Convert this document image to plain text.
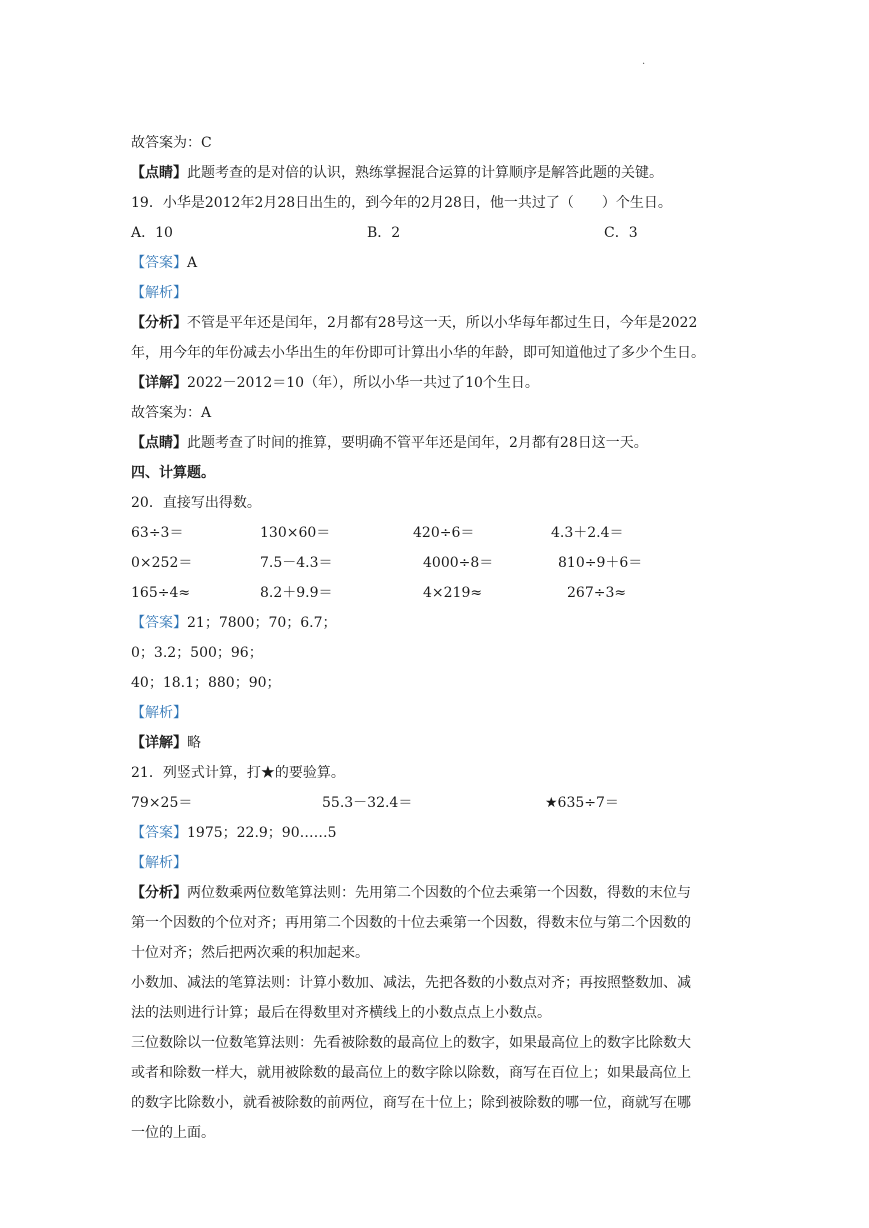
.
故答案为：C
【点睛】此题考查的是对倍的认识，熟练掌握混合运算的计算顺序是解答此题的关键。
19．小华是2012年2月28日出生的，到今年的2月28日，他一共过了（　　）个生日。
A．10	B．2	C．3
【答案】A
【解析】
【分析】不管是平年还是闰年，2月都有28号这一天，所以小华每年都过生日，今年是2022
年，用今年的年份减去小华出生的年份即可计算出小华的年龄，即可知道他过了多少个生日。
【详解】2022－2012＝10（年），所以小华一共过了10个生日。
故答案为：A
【点睛】此题考查了时间的推算，要明确不管平年还是闰年，2月都有28日这一天。
四、计算题。
20．直接写出得数。
63÷3＝	130×60＝	420÷6＝	4.3＋2.4＝
0×252＝	7.5－4.3＝	4000÷8＝	810÷9＋6＝
165÷4≈	8.2＋9.9＝	4×219≈	267÷3≈
【答案】21；7800；70；6.7；
0；3.2；500；96；
40；18.1；880；90；
【解析】
【详解】略
21．列竖式计算，打★的要验算。
79×25＝	55.3－32.4＝	★635÷7＝
【答案】1975；22.9；90……5
【解析】
【分析】两位数乘两位数笔算法则：先用第二个因数的个位去乘第一个因数，得数的末位与
第一个因数的个位对齐；再用第二个因数的十位去乘第一个因数，得数末位与第二个因数的
十位对齐；然后把两次乘的积加起来。
小数加、减法的笔算法则：计算小数加、减法，先把各数的小数点对齐；再按照整数加、减
法的法则进行计算；最后在得数里对齐横线上的小数点点上小数点。
三位数除以一位数笔算法则：先看被除数的最高位上的数字，如果最高位上的数字比除数大
或者和除数一样大，就用被除数的最高位上的数字除以除数，商写在百位上；如果最高位上
的数字比除数小，就看被除数的前两位，商写在十位上；除到被除数的哪一位，商就写在哪
一位的上面。
